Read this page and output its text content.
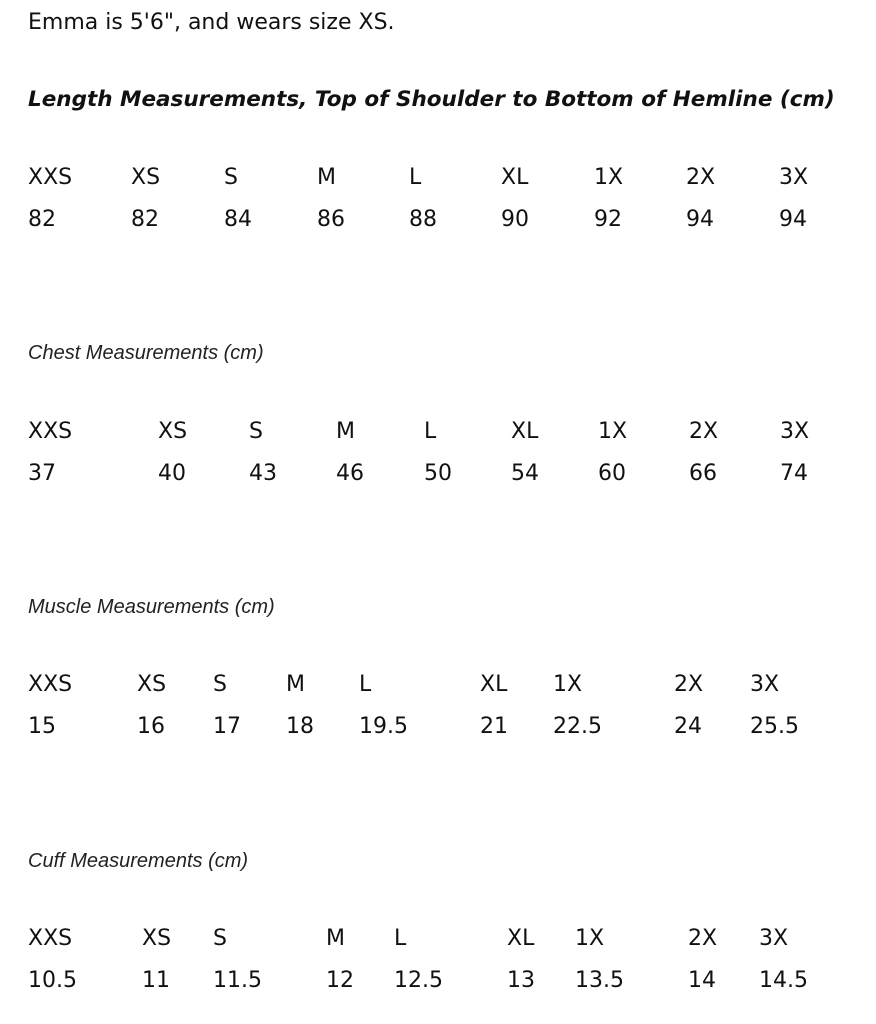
Emma is 5'6", and wears size XS.
Length Measurements, Top of Shoulder to Bottom of Hemline (cm)
XXS	XS	S	M	L	XL	1X	2X	3X
82	82	84	86	88	90	92	94	94
Chest Measurements (cm)
XXS	XS	S	M	L	XL	1X	2X	3X
37	40	43	46	50	54	60	66	74
Muscle Measurements (cm)
XXS	XS S	M L	XL 1X	2X 3X
15	16 17 18 19.5	21 22.5	24 25.5
Cuff Measurements (cm)
XXS	XS S	M L	XL 1X	2X 3X
10.5	11 11.5	12 12.5	13 13.5	14 14.5
